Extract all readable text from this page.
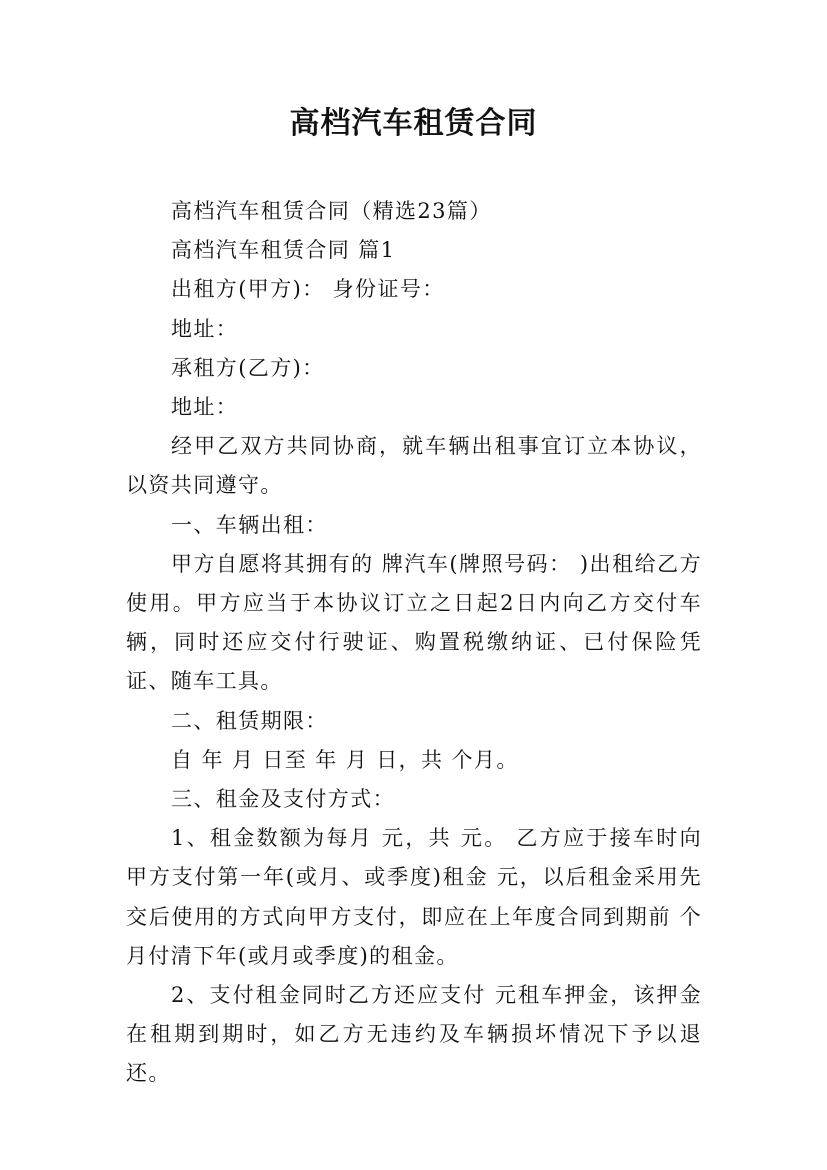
高档汽车租赁合同

高档汽车租赁合同（精选23篇）

高档汽车租赁合同 篇1

出租方(甲方)： 身份证号：

地址：

承租方(乙方)：

地址：

经甲乙双方共同协商，就车辆出租事宜订立本协议，以资共同遵守。

一、车辆出租：

甲方自愿将其拥有的 牌汽车(牌照号码： )出租给乙方使用。甲方应当于本协议订立之日起2日内向乙方交付车辆，同时还应交付行驶证、购置税缴纳证、已付保险凭证、随车工具。

二、租赁期限：

自 年 月 日至 年 月 日，共 个月。

三、租金及支付方式：

1、租金数额为每月 元，共 元。 乙方应于接车时向甲方支付第一年(或月、或季度)租金 元，以后租金采用先交后使用的方式向甲方支付，即应在上年度合同到期前 个月付清下年(或月或季度)的租金。

2、支付租金同时乙方还应支付 元租车押金，该押金在租期到期时，如乙方无违约及车辆损坏情况下予以退还。
